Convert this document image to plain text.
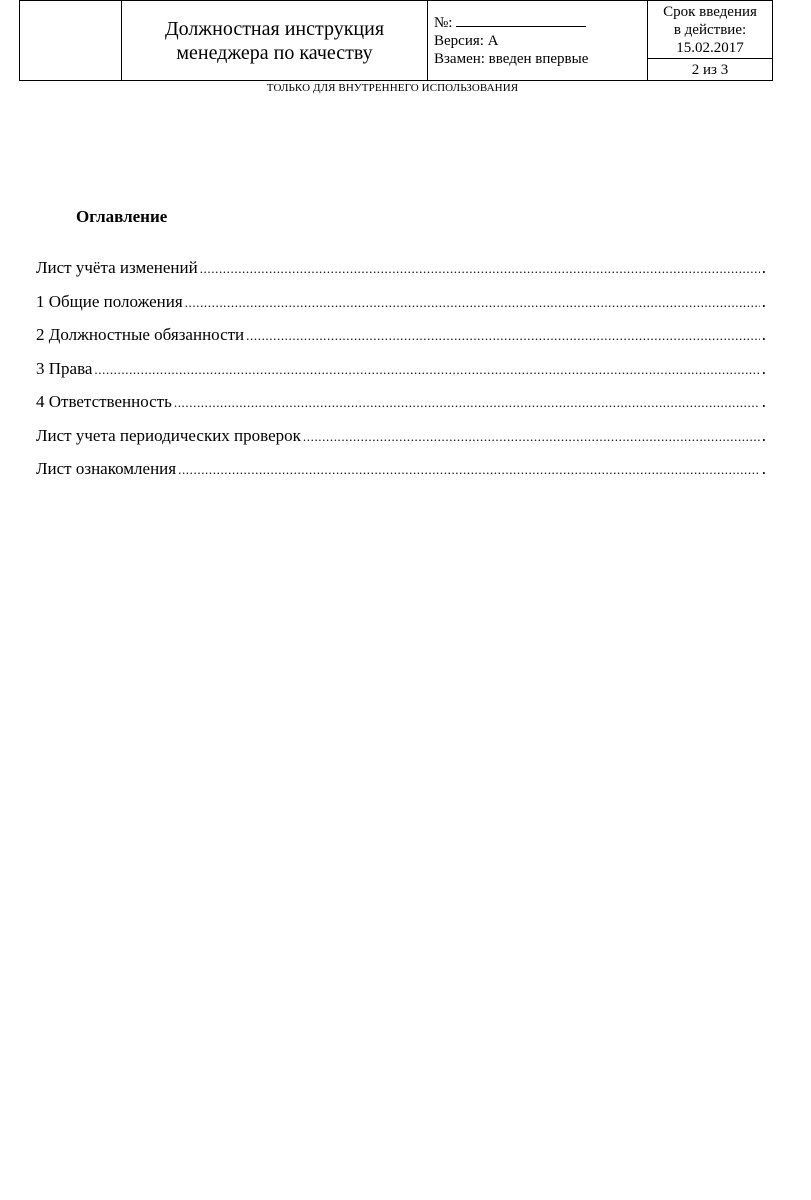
Должностная инструкция
менеджера по качеству

№:
Версия: А
Взамен: введен впервые

Срок введения
в действие:
15.02.2017

2 из 3
ТОЛЬКО ДЛЯ ВНУТРЕННЕГО ИСПОЛЬЗОВАНИЯ
Оглавление
Лист учёта изменений .....	.
1 Общие положения .....	.
2 Должностные обязанности .....	.
3 Права .....	.
4 Ответственность .....	.
Лист учета периодических проверок .....	.
Лист ознакомления .....	.
